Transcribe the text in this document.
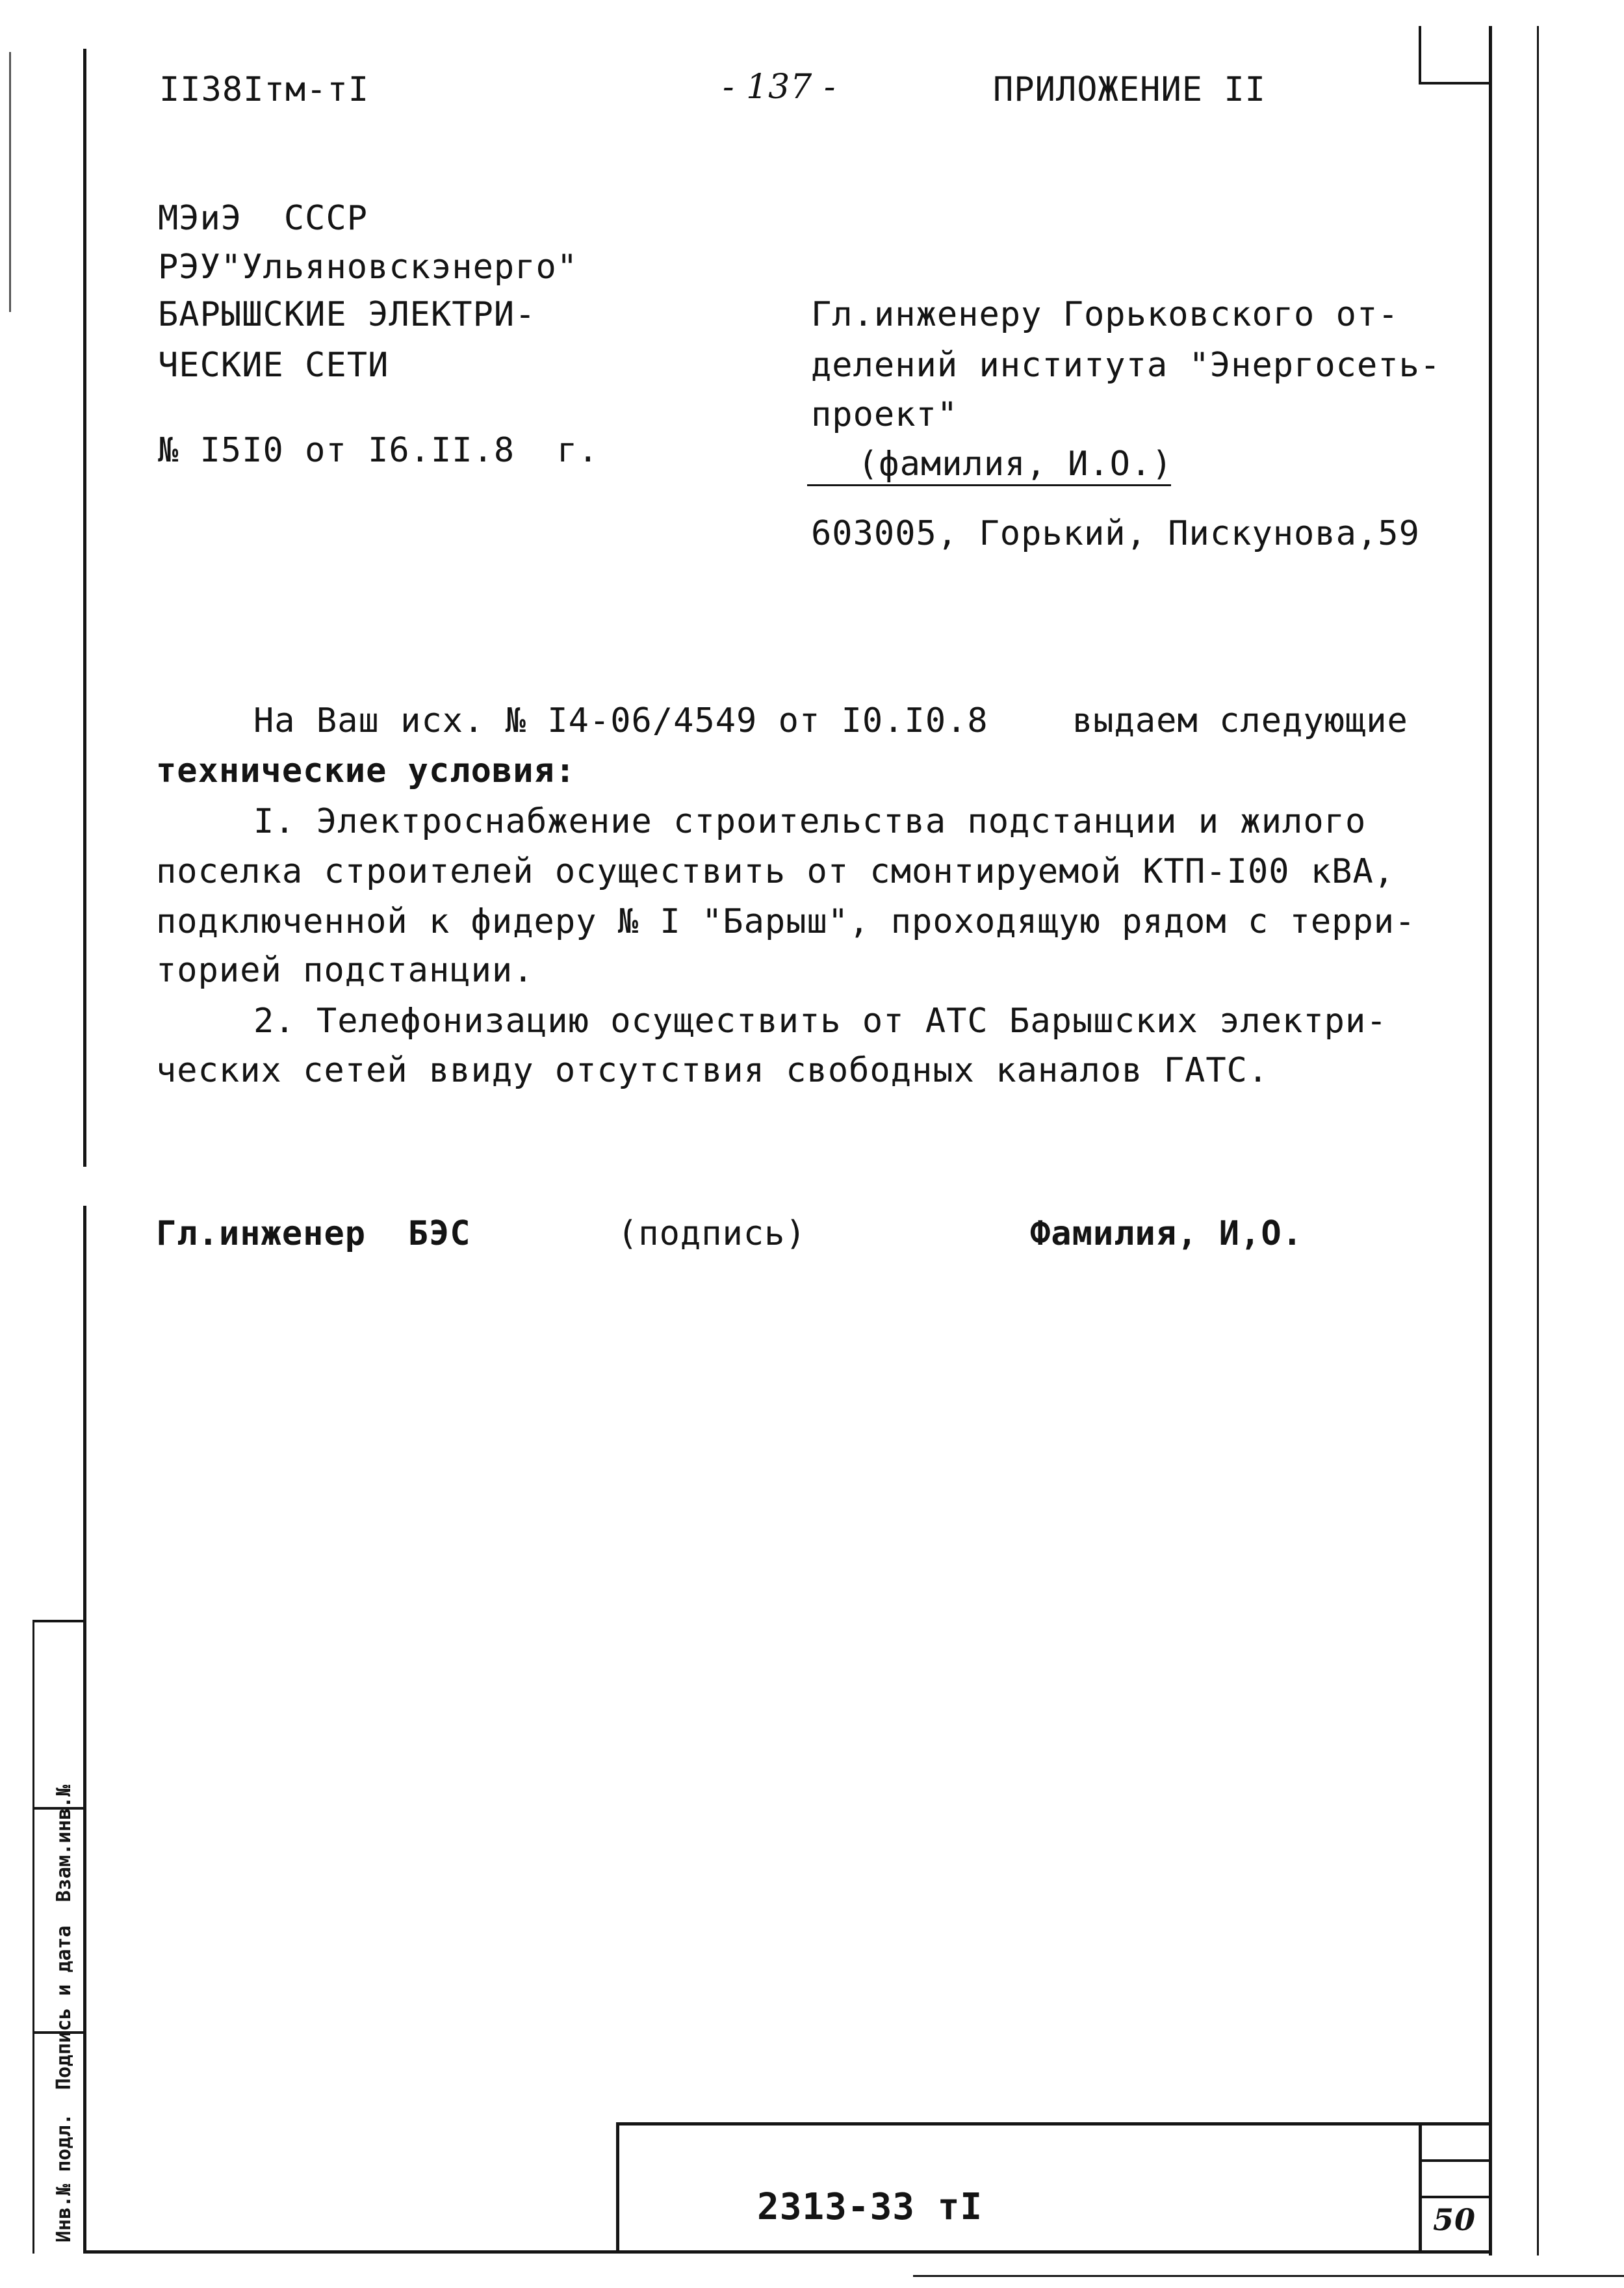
II38Iтм-тI	- 137 -	ПРИЛОЖЕНИЕ II
МЭиЭ  СССР
РЭУ"Ульяновскэнерго"
БАРЫШСКИЕ ЭЛЕКТРИ-
ЧЕСКИЕ СЕТИ
№ I5I0 от I6.II.8  г.
Гл.инженеру Горьковского от-
делений института "Энергосеть-
проект"
(фамилия, И.О.)
603005, Горький, Пискунова,59
На Ваш исх. № I4-06/4549 от I0.I0.8    выдаем следующие
технические условия:
I. Электроснабжение строительства подстанции и жилого
поселка строителей осуществить от смонтируемой КТП-I00 кВА,
подключенной к фидеру № I "Барыш", проходящую рядом с терри-
торией подстанции.
2. Телефонизацию осуществить от АТС Барышских электри-
ческих сетей ввиду отсутствия свободных каналов ГАТС.
Гл.инженер  БЭС	(подпись)	Фамилия, И,О.
Инв.№ подл.  Подпись и дата  Взам.инв.№	2313-33 тI	50
